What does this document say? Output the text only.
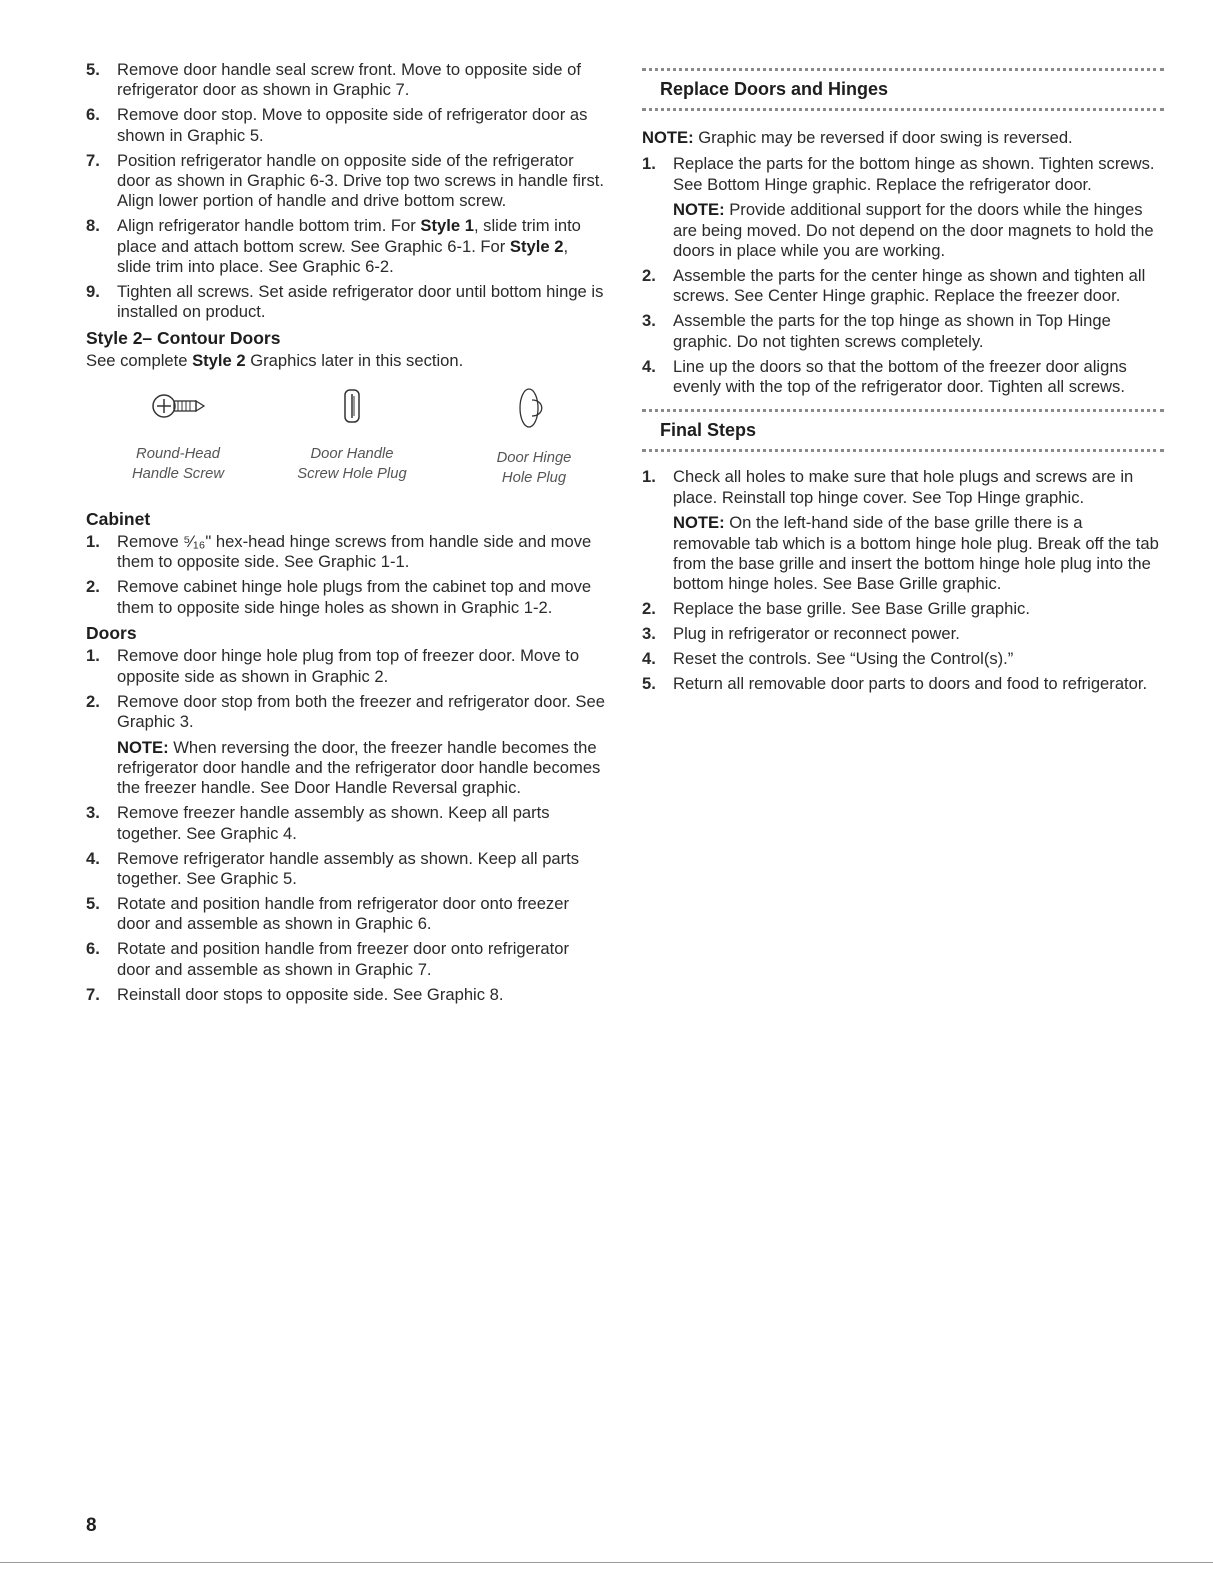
5.	Remove door handle seal screw front. Move to opposite side of refrigerator door as shown in Graphic 7.
6.	Remove door stop. Move to opposite side of refrigerator door as shown in Graphic 5.
7.	Position refrigerator handle on opposite side of the refrigerator door as shown in Graphic 6-3. Drive top two screws in handle first. Align lower portion of handle and drive bottom screw.
8.	Align refrigerator handle bottom trim. For Style 1, slide trim into place and attach bottom screw. See Graphic 6-1. For Style 2, slide trim into place. See Graphic 6-2.
9.	Tighten all screws. Set aside refrigerator door until bottom hinge is installed on product.
Style 2– Contour Doors
See complete Style 2 Graphics later in this section.
Round-Head
Handle Screw
Door Handle
Screw Hole Plug
Door Hinge
Hole Plug
Cabinet
1.	Remove ⁵⁄₁₆" hex-head hinge screws from handle side and move them to opposite side. See Graphic 1-1.
2.	Remove cabinet hinge hole plugs from the cabinet top and move them to opposite side hinge holes as shown in Graphic 1-2.
Doors
1.	Remove door hinge hole plug from top of freezer door. Move to opposite side as shown in Graphic 2.
2.	Remove door stop from both the freezer and refrigerator door. See Graphic 3.
NOTE: When reversing the door, the freezer handle becomes the refrigerator door handle and the refrigerator door handle becomes the freezer handle. See Door Handle Reversal graphic.
3.	Remove freezer handle assembly as shown. Keep all parts together. See Graphic 4.
4.	Remove refrigerator handle assembly as shown. Keep all parts together. See Graphic 5.
5.	Rotate and position handle from refrigerator door onto freezer door and assemble as shown in Graphic 6.
6.	Rotate and position handle from freezer door onto refrigerator door and assemble as shown in Graphic 7.
7.	Reinstall door stops to opposite side. See Graphic 8.
Replace Doors and Hinges
NOTE: Graphic may be reversed if door swing is reversed.
1.	Replace the parts for the bottom hinge as shown. Tighten screws. See Bottom Hinge graphic. Replace the refrigerator door.
NOTE: Provide additional support for the doors while the hinges are being moved. Do not depend on the door magnets to hold the doors in place while you are working.
2.	Assemble the parts for the center hinge as shown and tighten all screws. See Center Hinge graphic. Replace the freezer door.
3.	Assemble the parts for the top hinge as shown in Top Hinge graphic. Do not tighten screws completely.
4.	Line up the doors so that the bottom of the freezer door aligns evenly with the top of the refrigerator door. Tighten all screws.
Final Steps
1.	Check all holes to make sure that hole plugs and screws are in place. Reinstall top hinge cover. See Top Hinge graphic.
NOTE: On the left-hand side of the base grille there is a removable tab which is a bottom hinge hole plug. Break off the tab from the base grille and insert the bottom hinge hole plug into the bottom hinge holes. See Base Grille graphic.
2.	Replace the base grille. See Base Grille graphic.
3.	Plug in refrigerator or reconnect power.
4.	Reset the controls. See “Using the Control(s).”
5.	Return all removable door parts to doors and food to refrigerator.
8
